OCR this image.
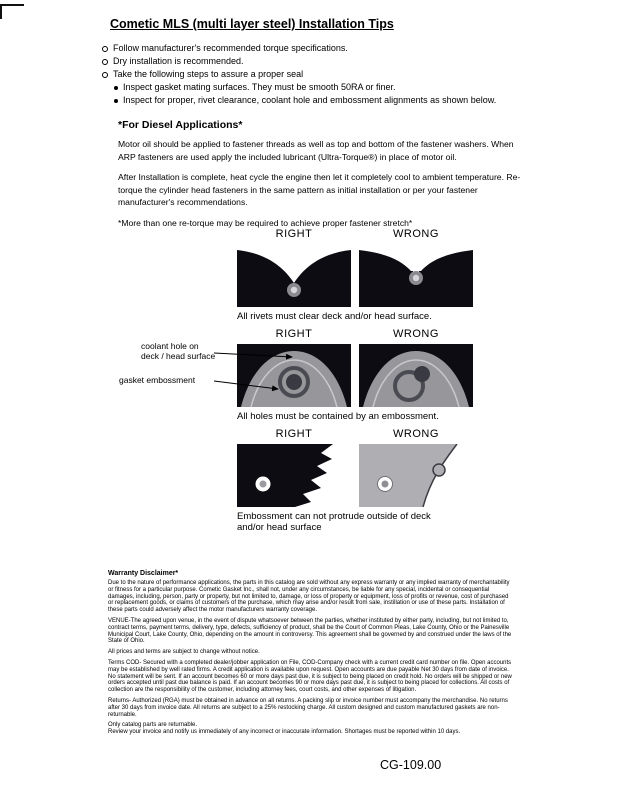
Cometic MLS (multi layer steel) Installation Tips
Follow manufacturer's recommended torque specifications.
Dry installation is recommended.
Take the following steps to assure a proper seal
Inspect gasket mating surfaces. They must be smooth 50RA or finer.
Inspect for proper, rivet clearance, coolant hole and embossment alignments as shown below.
*For Diesel Applications*

Motor oil should be applied to fastener threads as well as top and bottom of the fastener washers. When ARP fasteners are used apply the included lubricant (Ultra-Torque®) in place of motor oil.

After Installation is complete, heat cycle the engine then let it completely cool to ambient temperature. Re-torque the cylinder head fasteners in the same pattern as initial installation or per your fastener manufacturer's recommendations.

*More than one re-torque may be required to achieve proper fastener stretch*

RIGHT	WRONG
All rivets must clear deck and/or head surface.
RIGHT	WRONG
All holes must be contained by an embossment.
coolant hole on
deck / head surface
gasket embossment
RIGHT	WRONG
Embossment can not protrude outside of deck and/or head surface
Warranty Disclaimer*

Due to the nature of performance applications, the parts in this catalog are sold without any express warranty or any implied warranty of merchantability or fitness for a particular purpose. Cometic Gasket Inc., shall not, under any circumstances, be liable for any special, incidental or consequential damages, including, person, party or property, but not limited to, damage, or loss of property or equipment, loss of profits or revenue, cost of purchased or replacement goods, or claims of customers of the purchase, which may arise and/or result from sale, instillation or use of these parts. Installation of these parts could adversely affect the motor manufacturers warranty coverage.

VENUE-The agreed upon venue, in the event of dispute whatsoever between the parties, whether instituted by either party, including, but not limited to, contract terms, payment terms, delivery, type, defects, sufficiency of product, shall be the Court of Common Pleas, Lake County, Ohio or the Painesville Municipal Court, Lake County, Ohio, depending on the amount in controversy. This agreement shall be governed by and construed under the laws of the State of Ohio.

All prices and terms are subject to change without notice.

Terms COD- Secured with a completed dealer/jobber application on File, COD-Company check with a current credit card number on file. Open accounts may be established by well rated firms. A credit application is available upon request. Open accounts are due payable Net 30 days from date of invoice. No statement will be sent. If an account becomes 60 or more days past due, it is subject to being placed on credit hold. No orders will be shipped or new orders accepted until past due balance is paid. If an account becomes 90 or more days past due, it is subject to being placed for collections. All costs of collection are the responsibility of the customer, including attorney fees, court costs, and other expenses of litigation.

Returns- Authorized (RGA) must be obtained in advance on all returns. A packing slip or invoice number must accompany the merchandise. No returns after 30 days from invoice date. All returns are subject to a 25% restocking charge. All custom designed and custom manufactured gaskets are non-returnable.

Only catalog parts are returnable.

Review your invoice and notify us immediately of any incorrect or inaccurate information. Shortages must be reported within 10 days.

CG-109.00
